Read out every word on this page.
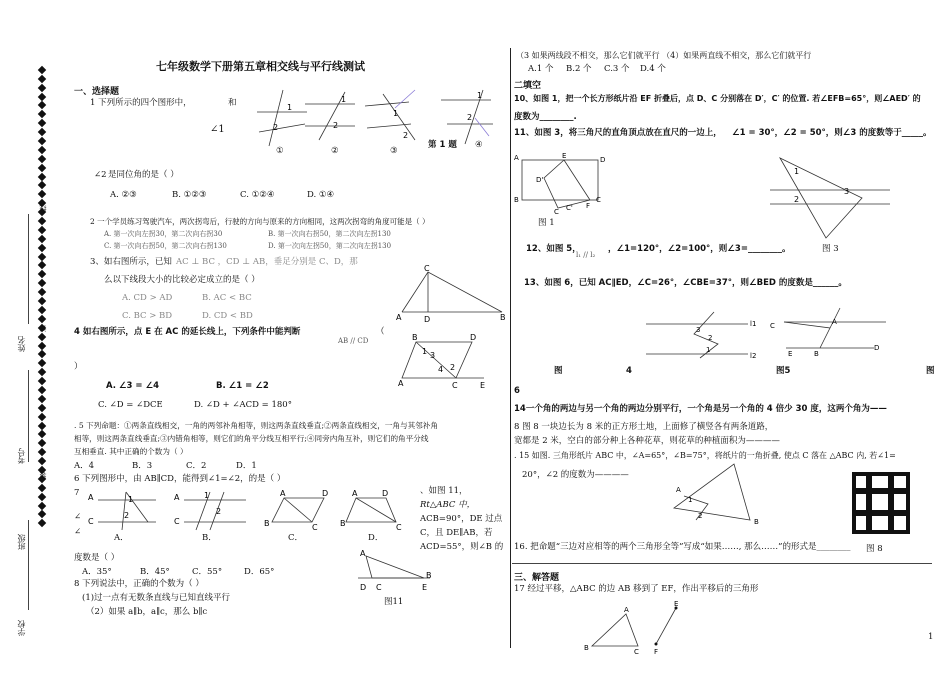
学校
班级
考号
姓名
线
订
装
七年级数学下册第五章相交线与平行线测试
一、选择题
1 下列所示的四个图形中，	和
∠1
1
2
1
2
1
2
1
2
①	②	③
第 1 题 ④
∠2 是同位角的是（ ）
A. ②③	B. ①②③	C. ①②④	D. ①④
2 一个学员练习驾驶汽车，两次拐弯后，行驶的方向与原来的方向相同，这两次拐弯的角度可能是（ ）
A. 第一次向左拐30，第二次向右拐30	B. 第一次向右拐50，第二次向左拐130
C. 第一次向右拐50，第二次向右拐130	D. 第一次向左拐50，第二次向左拐130
3、如右图所示，已知 AC ⊥ BC ，CD ⊥ AB，垂足分别是 C、D，那
么以下线段大小的比较必定成立的是（ ）
A. CD > AD	B. AC < BC
C. BC > BD	D. CD < BD
C
A	D	B
4 如右图所示，点 E 在 AC 的延长线上，下列条件中能判断
AB // CD
（
）
A. ∠3 = ∠4	B. ∠1 = ∠2
C. ∠D = ∠DCE	D. ∠D + ∠ACD = 180°
B	D
1 3
4 2
A	C	E
. 5 下列命题：①两条直线相交，一角的两邻补角相等，则这两条直线垂直;②两条直线相交，一角与其邻补角
相等，则这两条直线垂直;③内错角相等，则它们的角平分线互相平行;④同旁内角互补，则它们的角平分线
互相垂直. 其中正确的个数为（ ）
A．4	B．3	C．2	D．1
6 下列图形中，由 AB∥CD，能得到∠1=∠2，的是（ ）
7
∠
∠
A
C
1
2
A
C
1
2
A	D
B	C
A	D
B	C
A．	B．	C．	D．
、如图 11，
Rt△ABC 中，
ACB=90°，DE 过点
C，且 DE∥AB，若
ACD=55°，则∠B 的
度数是（ ）
A．35°	B．45°	C．55°	D．65°
A
D C
B
E
图11
8 下列说法中，正确的个数为（ ）
(1)过一点有无数条直线与已知直线平行
（2）如果 a∥b，a∥c，那么 b∥c
（3 如果两线段不相交，那么它们就平行 （4）如果两直线不相交，那么它们就平行
A.1 个 B.2 个 C.3 个 D.4 个
二填空
10、如图 1，把一个长方形纸片沿 EF 折叠后，点 D、C 分别落在 D′，C′ 的位置. 若∠EFB=65°，则∠AED′ 的
度数为________.
11、如图 3，将三角尺的直角顶点放在直尺的一边上， ∠1 = 30°，∠2 = 50°，则∠3 的度数等于_____。
A	E	D
D'
B
C C' F
C
图 1
1
3
2
图 3
12、如图 5，
l₁ // l₂
，∠1=120°，∠2=100°，则∠3=________。
13、如图 6，已知 AC∥ED，∠C=26°，∠CBE=37°，则∠BED 的度数是______。
l1
l2
3
2
1
C	A
D
E	B
图	4	图5	图
6
14一个角的两边与另一个角的两边分别平行，一个角是另一个角的 4 倍少 30 度，这两个角为——
8 图 8 一块边长为 8 米的正方形土地，上面修了横竖各有两条道路，
宽都是 2 米，空白的部分种上各种花草，则花草的种植面积为————
. 15 如图. 三角形纸片 ABC 中，∠A=65°，∠B=75°，将纸片的一角折叠, 使点 C 落在 △ABC 内, 若∠1=
20°，∠2 的度数为————
1
2
A
B
16. 把命题“三边对应相等的两个三角形全等”写成“如果……, 那么……”的形式是________ 图 8
三、解答题
17 经过平移，△ABC 的边 AB 移到了 EF，作出平移后的三角形
A
B	C
E
F
1
